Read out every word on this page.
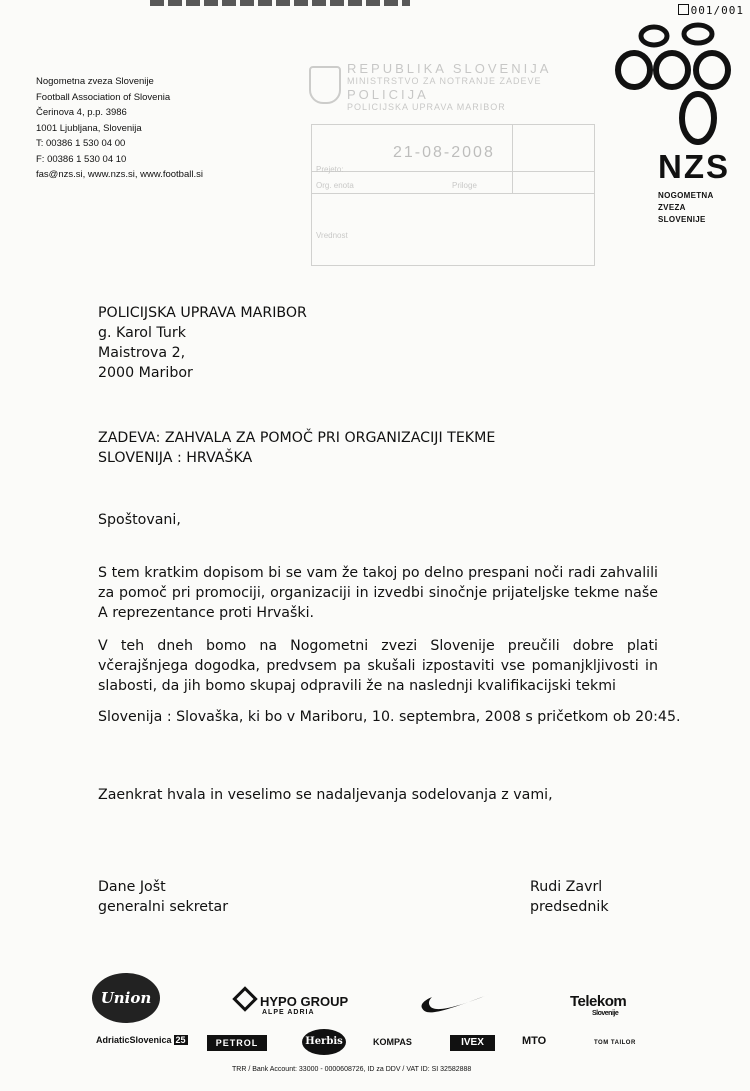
001/001
Nogometna zveza Slovenije
Football Association of Slovenia
Čerinova 4, p.p. 3986
1001 Ljubljana, Slovenija
T: 00386 1 530 04 00
F: 00386 1 530 04 10
fas@nzs.si, www.nzs.si, www.football.si
REPUBLIKA SLOVENIJA
MINISTRSTVO ZA NOTRANJE ZADEVE
POLICIJA
POLICIJSKA UPRAVA MARIBOR
Prejeto:
Org. enota	Priloge
Vrednost
21-08-2008	NZS
NOGOMETNA
ZVEZA
SLOVENIJE
POLICIJSKA UPRAVA MARIBOR
g. Karol Turk
Maistrova 2,
2000 Maribor
ZADEVA: ZAHVALA ZA POMOČ PRI ORGANIZACIJI TEKME
SLOVENIJA : HRVAŠKA
Spoštovani,
S tem kratkim dopisom bi se vam že takoj po delno prespani noči radi zahvalili za pomoč pri promociji, organizaciji in izvedbi sinočnje prijateljske tekme naše A reprezentance proti Hrvaški.
V teh dneh bomo na Nogometni zvezi Slovenije preučili dobre plati včerajšnjega dogodka, predvsem pa skušali izpostaviti vse pomanjkljivosti in slabosti, da jih bomo skupaj odpravili že na naslednji kvalifikacijski tekmi
Slovenija : Slovaška, ki bo v Mariboru, 10. septembra, 2008 s pričetkom ob 20:45.
Zaenkrat hvala in veselimo se nadaljevanja sodelovanja z vami,
Dane Jošt
generalni sekretar
Rudi Zavrl
predsednik
Union	HYPO GROUP
ALPE ADRIA
Telekom
Slovenije
AdriaticSlovenica 25	PETROL	Herbis	KOMPAS	IVEX	MTO	TOM TAILOR
TRR / Bank Account: 33000 - 0000608726, ID za DDV / VAT ID: SI 32582888
